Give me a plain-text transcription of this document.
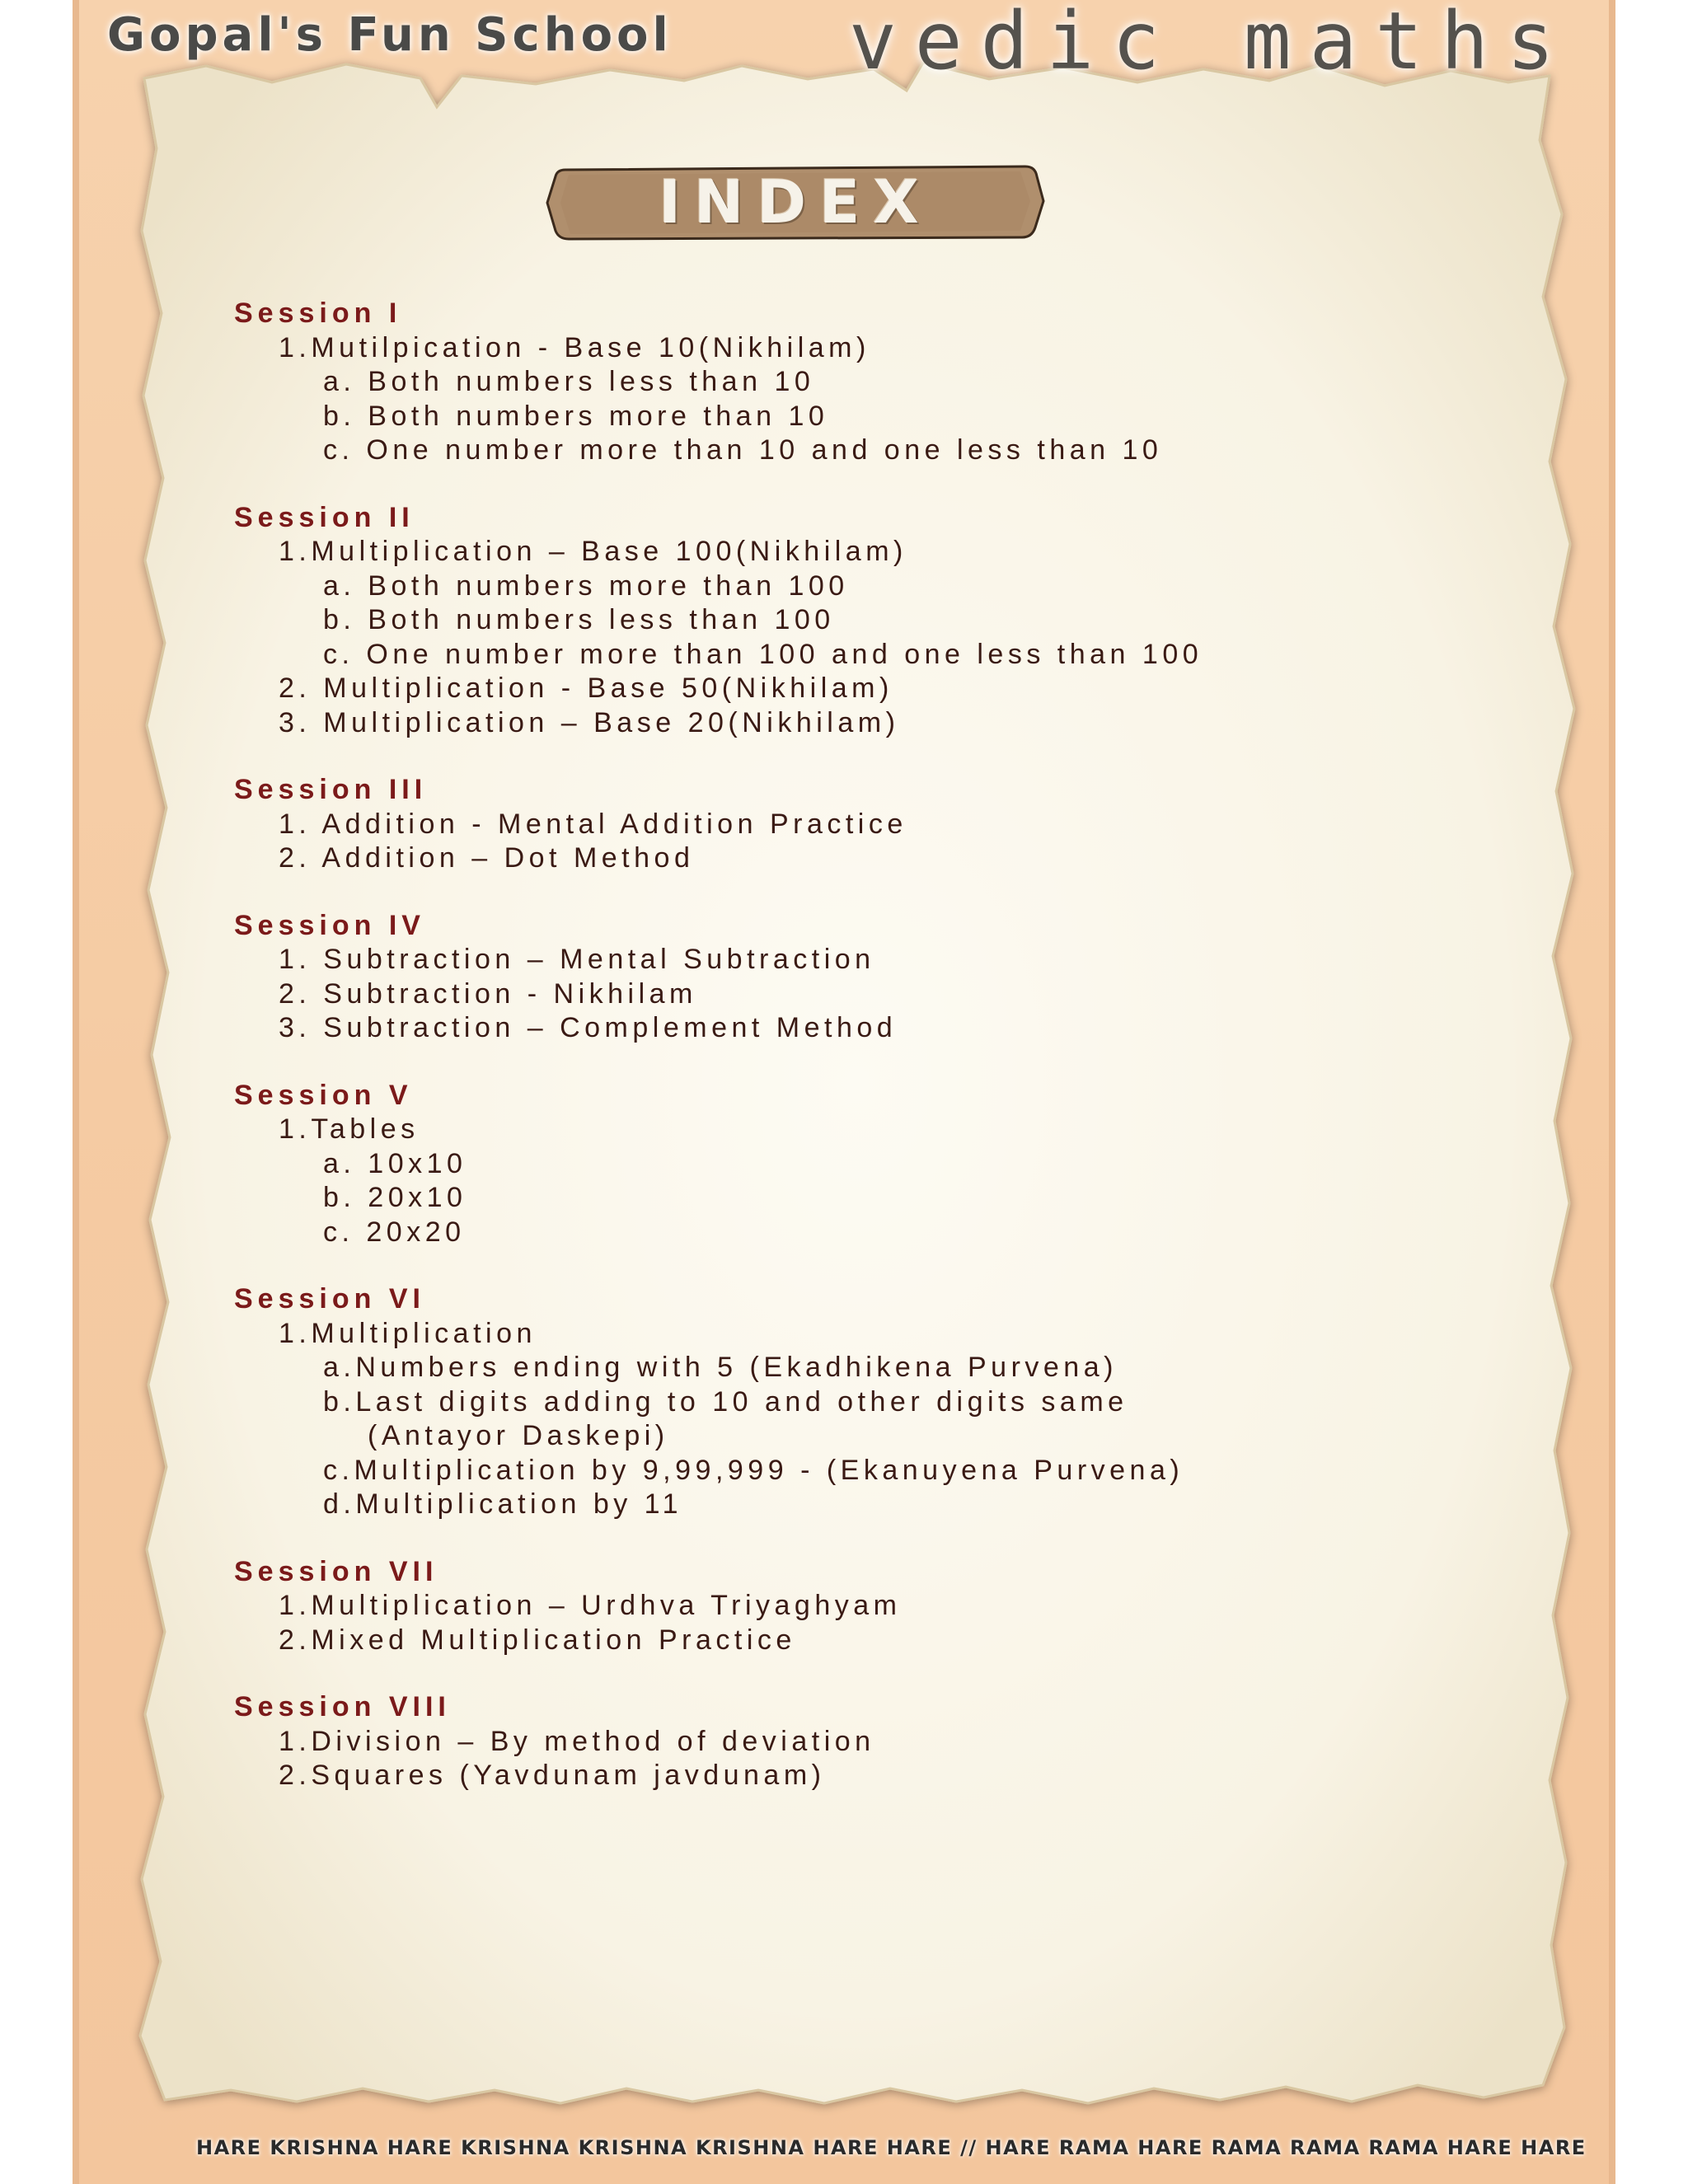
Gopal's Fun School vedic maths
INDEX
Session I
1.Mutilpication - Base 10(Nikhilam)
a. Both numbers less than 10
b. Both numbers more than 10
c. One number more than 10 and one less than 10
Session II
1.Multiplication – Base 100(Nikhilam)
a. Both numbers more than 100
b. Both numbers less than 100
c. One number more than 100 and one less than 100
2. Multiplication - Base 50(Nikhilam)
3. Multiplication – Base 20(Nikhilam)
Session III
1. Addition - Mental Addition Practice
2. Addition – Dot Method
Session IV
1. Subtraction – Mental Subtraction
2. Subtraction - Nikhilam
3. Subtraction – Complement Method
Session V
1.Tables
a. 10x10
b. 20x10
c. 20x20
Session VI
1.Multiplication
a.Numbers ending with 5 (Ekadhikena Purvena)
b.Last digits adding to 10 and other digits same
(Antayor Daskepi)
c.Multiplication by 9,99,999 - (Ekanuyena Purvena)
d.Multiplication by 11
Session VII
1.Multiplication – Urdhva Triyaghyam
2.Mixed Multiplication Practice
Session VIII
1.Division – By method of deviation
2.Squares (Yavdunam javdunam)
HARE KRISHNA HARE KRISHNA KRISHNA KRISHNA HARE HARE // HARE RAMA HARE RAMA RAMA RAMA HARE HARE
